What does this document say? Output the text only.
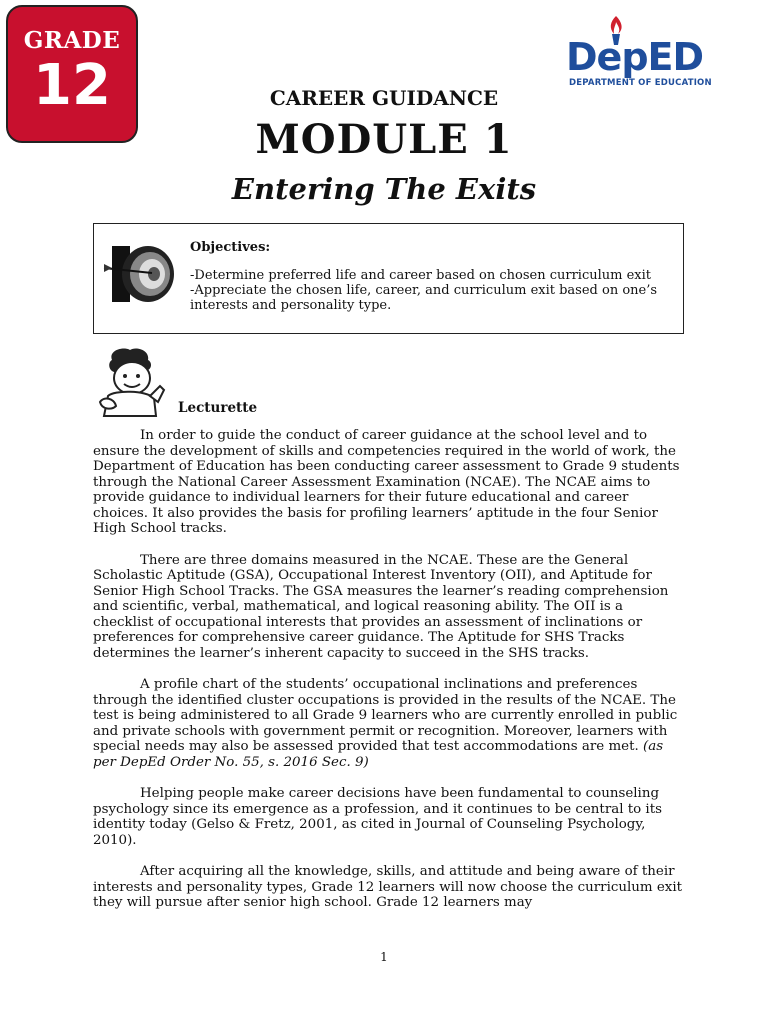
GRADE
12	DepED
DEPARTMENT OF EDUCATION
CAREER GUIDANCE
MODULE 1
Entering The Exits
Objectives:
-Determine preferred life and career based on chosen curriculum exit
-Appreciate the chosen life, career, and curriculum exit based on one’s interests and personality type.
Lecturette

In order to guide the conduct of career guidance at the school level and to ensure the development of skills and competencies required in the world of work, the Department of Education has been conducting career assessment to Grade 9 students through the National Career Assessment Examination (NCAE). The NCAE aims to provide guidance to individual learners for their future educational and career choices. It also provides the basis for profiling learners’ aptitude in the four Senior High School tracks.

There are three domains measured in the NCAE. These are the General Scholastic Aptitude (GSA), Occupational Interest Inventory (OII), and Aptitude for Senior High School Tracks. The GSA measures the learner’s reading comprehension and scientific, verbal, mathematical, and logical reasoning ability. The OII is a checklist of occupational interests that provides an assessment of inclinations or preferences for comprehensive career guidance. The Aptitude for SHS Tracks determines the learner’s inherent capacity to succeed in the SHS tracks.

A profile chart of the students’ occupational inclinations and preferences through the identified cluster occupations is provided in the results of the NCAE. The test is being administered to all Grade 9 learners who are currently enrolled in public and private schools with government permit or recognition. Moreover, learners with special needs may also be assessed provided that test accommodations are met. (as per DepEd Order No. 55, s. 2016 Sec. 9)

Helping people make career decisions have been fundamental to counseling psychology since its emergence as a profession, and it continues to be central to its identity today (Gelso & Fretz, 2001, as cited in Journal of Counseling Psychology, 2010).

After acquiring all the knowledge, skills, and attitude and being aware of their interests and personality types, Grade 12 learners will now choose the curriculum exit they will pursue after senior high school. Grade 12 learners may

1
